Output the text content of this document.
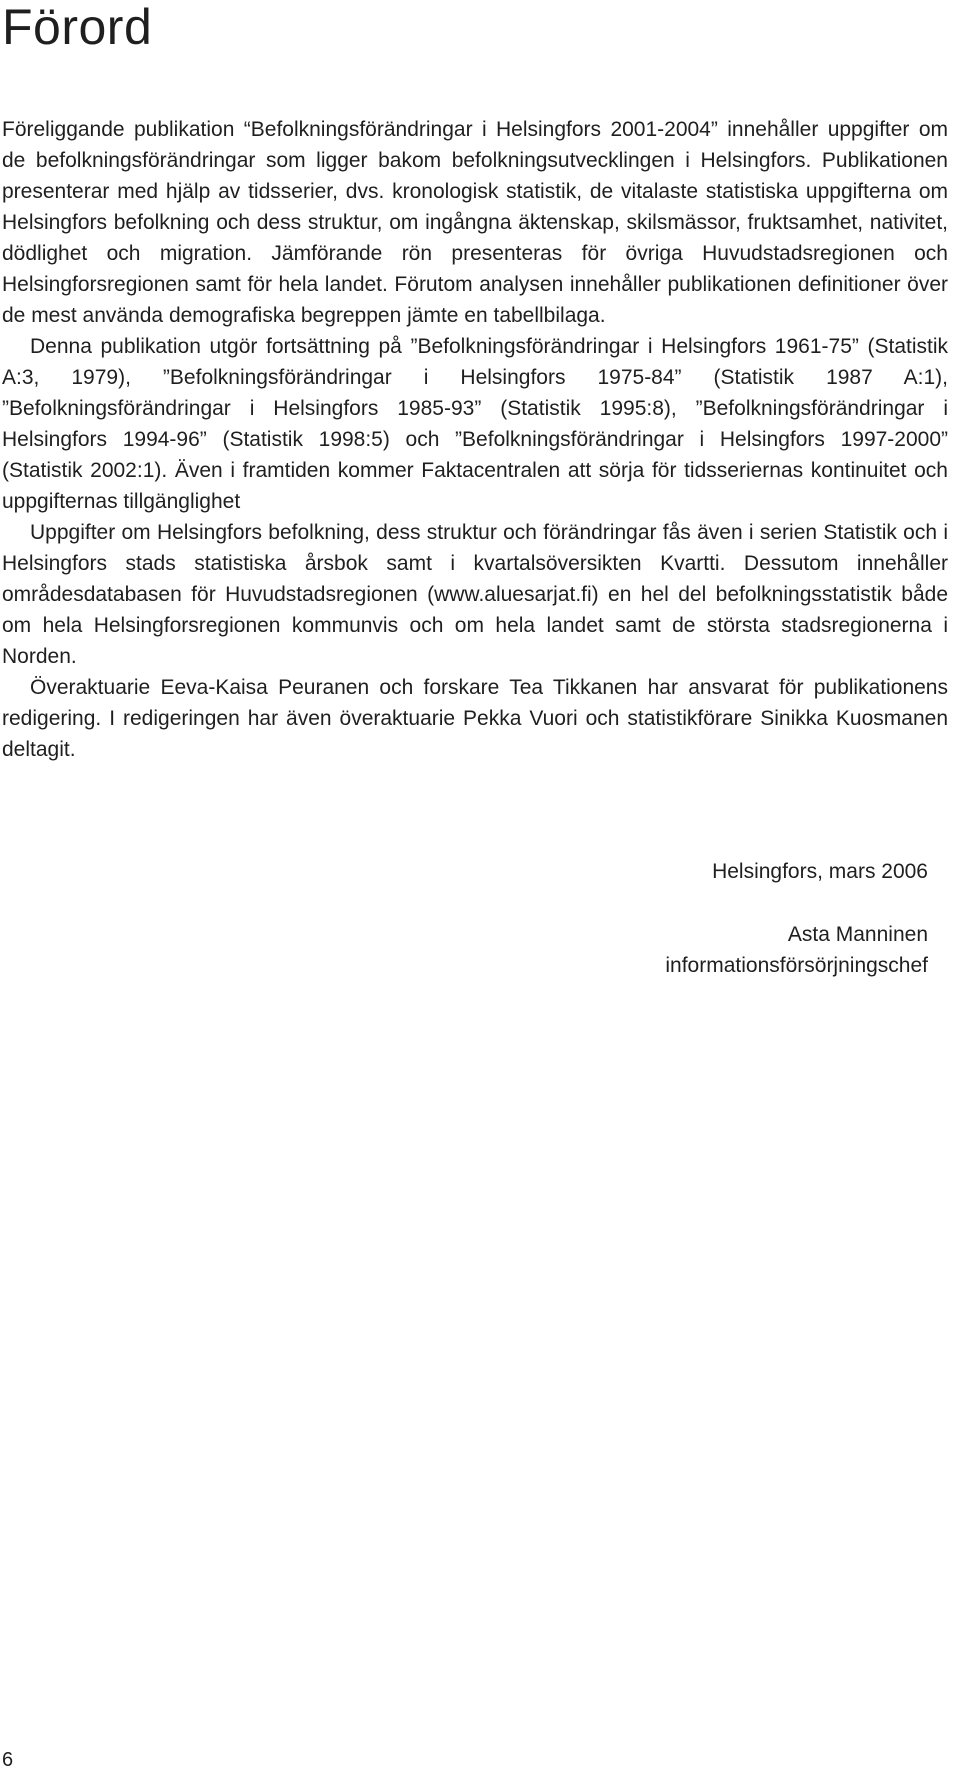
Förord

Föreliggande publikation “Befolkningsförändringar i Helsingfors 2001-2004” innehåller uppgifter om de befolkningsförändringar som ligger bakom befolkningsutvecklingen i Helsingfors. Publikationen presenterar med hjälp av tidsserier, dvs. kronologisk statistik, de vitalaste statistiska uppgifterna om Helsingfors befolkning och dess struktur, om ingångna äktenskap, skilsmässor, fruktsamhet, nativitet, dödlighet och migration. Jämförande rön presenteras för övriga Huvudstadsregionen och Helsingforsregionen samt för hela landet. Förutom analysen innehåller publikationen definitioner över de mest använda demografiska begreppen jämte en tabellbilaga.

Denna publikation utgör fortsättning på ”Befolkningsförändringar i Helsingfors 1961-75” (Statistik A:3, 1979), ”Befolkningsförändringar i Helsingfors 1975-84” (Statistik 1987 A:1), ”Befolkningsförändringar i Helsingfors 1985-93” (Statistik 1995:8), ”Befolkningsförändringar i Helsingfors 1994-96” (Statistik 1998:5) och ”Befolkningsförändringar i Helsingfors 1997-2000” (Statistik 2002:1). Även i framtiden kommer Faktacentralen att sörja för tidsseriernas kontinuitet och uppgifternas tillgänglighet

Uppgifter om Helsingfors befolkning, dess struktur och förändringar fås även i serien Statistik och i Helsingfors stads statistiska årsbok samt i kvartalsöversikten Kvartti. Dessutom innehåller områdesdatabasen för Huvudstadsregionen (www.aluesarjat.fi) en hel del befolkningsstatistik både om hela Helsingforsregionen kommunvis och om hela landet samt de största stadsregionerna i Norden.

Överaktuarie Eeva-Kaisa Peuranen och forskare Tea Tikkanen har ansvarat för publikationens redigering. I redigeringen har även överaktuarie Pekka Vuori och statistikförare Sinikka Kuosmanen deltagit.

Helsingfors, mars 2006

Asta Manninen

informationsförsörjningschef

6
